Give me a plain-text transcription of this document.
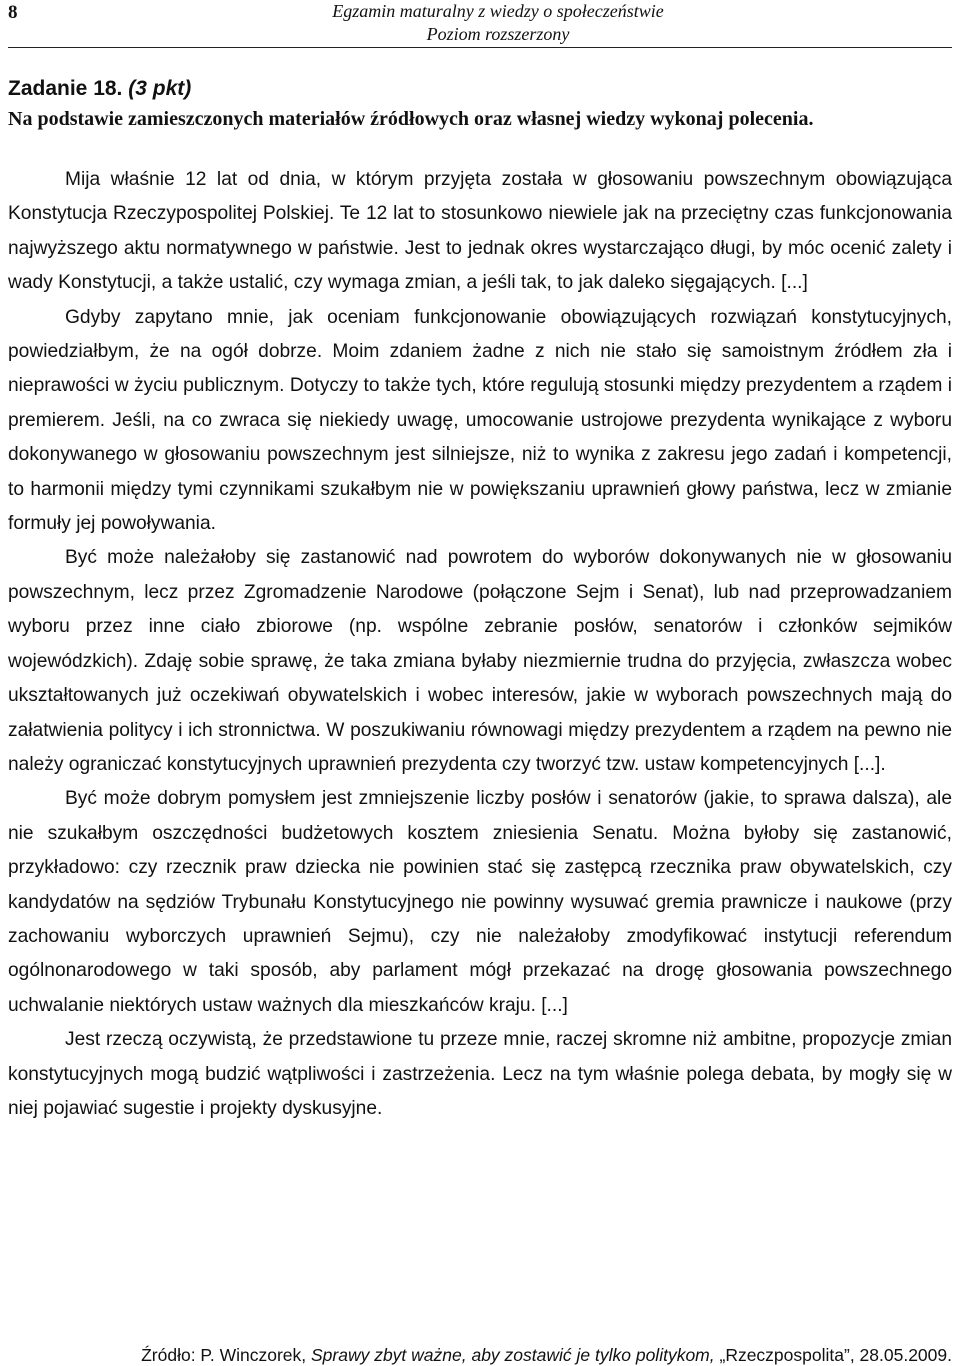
8	Egzamin maturalny z wiedzy o społeczeństwie
Poziom rozszerzony
Zadanie 18. (3 pkt)
Na podstawie zamieszczonych materiałów źródłowych oraz własnej wiedzy wykonaj polecenia.

Mija właśnie 12 lat od dnia, w którym przyjęta została w głosowaniu powszechnym obowiązująca Konstytucja Rzeczypospolitej Polskiej. Te 12 lat to stosunkowo niewiele jak na przeciętny czas funkcjonowania najwyższego aktu normatywnego w państwie. Jest to jednak okres wystarczająco długi, by móc ocenić zalety i wady Konstytucji, a także ustalić, czy wymaga zmian, a jeśli tak, to jak daleko sięgających. [...]

Gdyby zapytano mnie, jak oceniam funkcjonowanie obowiązujących rozwiązań konstytucyjnych, powiedziałbym, że na ogół dobrze. Moim zdaniem żadne z nich nie stało się samoistnym źródłem zła i nieprawości w życiu publicznym. Dotyczy to także tych, które regulują stosunki między prezydentem a rządem i premierem. Jeśli, na co zwraca się niekiedy uwagę, umocowanie ustrojowe prezydenta wynikające z wyboru dokonywanego w głosowaniu powszechnym jest silniejsze, niż to wynika z zakresu jego zadań i kompetencji, to harmonii między tymi czynnikami szukałbym nie w powiększaniu uprawnień głowy państwa, lecz w zmianie formuły jej powoływania.

Być może należałoby się zastanowić nad powrotem do wyborów dokonywanych nie w głosowaniu powszechnym, lecz przez Zgromadzenie Narodowe (połączone Sejm i Senat), lub nad przeprowadzaniem wyboru przez inne ciało zbiorowe (np. wspólne zebranie posłów, senatorów i członków sejmików wojewódzkich). Zdaję sobie sprawę, że taka zmiana byłaby niezmiernie trudna do przyjęcia, zwłaszcza wobec ukształtowanych już oczekiwań obywatelskich i wobec interesów, jakie w wyborach powszechnych mają do załatwienia politycy i ich stronnictwa. W poszukiwaniu równowagi między prezydentem a rządem na pewno nie należy ograniczać konstytucyjnych uprawnień prezydenta czy tworzyć tzw. ustaw kompetencyjnych [...].

Być może dobrym pomysłem jest zmniejszenie liczby posłów i senatorów (jakie, to sprawa dalsza), ale nie szukałbym oszczędności budżetowych kosztem zniesienia Senatu. Można byłoby się zastanowić, przykładowo: czy rzecznik praw dziecka nie powinien stać się zastępcą rzecznika praw obywatelskich, czy kandydatów na sędziów Trybunału Konstytucyjnego nie powinny wysuwać gremia prawnicze i naukowe (przy zachowaniu wyborczych uprawnień Sejmu), czy nie należałoby zmodyfikować instytucji referendum ogólnonarodowego w taki sposób, aby parlament mógł przekazać na drogę głosowania powszechnego uchwalanie niektórych ustaw ważnych dla mieszkańców kraju. [...]

Jest rzeczą oczywistą, że przedstawione tu przeze mnie, raczej skromne niż ambitne, propozycje zmian konstytucyjnych mogą budzić wątpliwości i zastrzeżenia. Lecz na tym właśnie polega debata, by mogły się w niej pojawiać sugestie i projekty dyskusyjne.

Źródło: P. Winczorek, Sprawy zbyt ważne, aby zostawić je tylko politykom, „Rzeczpospolita”, 28.05.2009.
